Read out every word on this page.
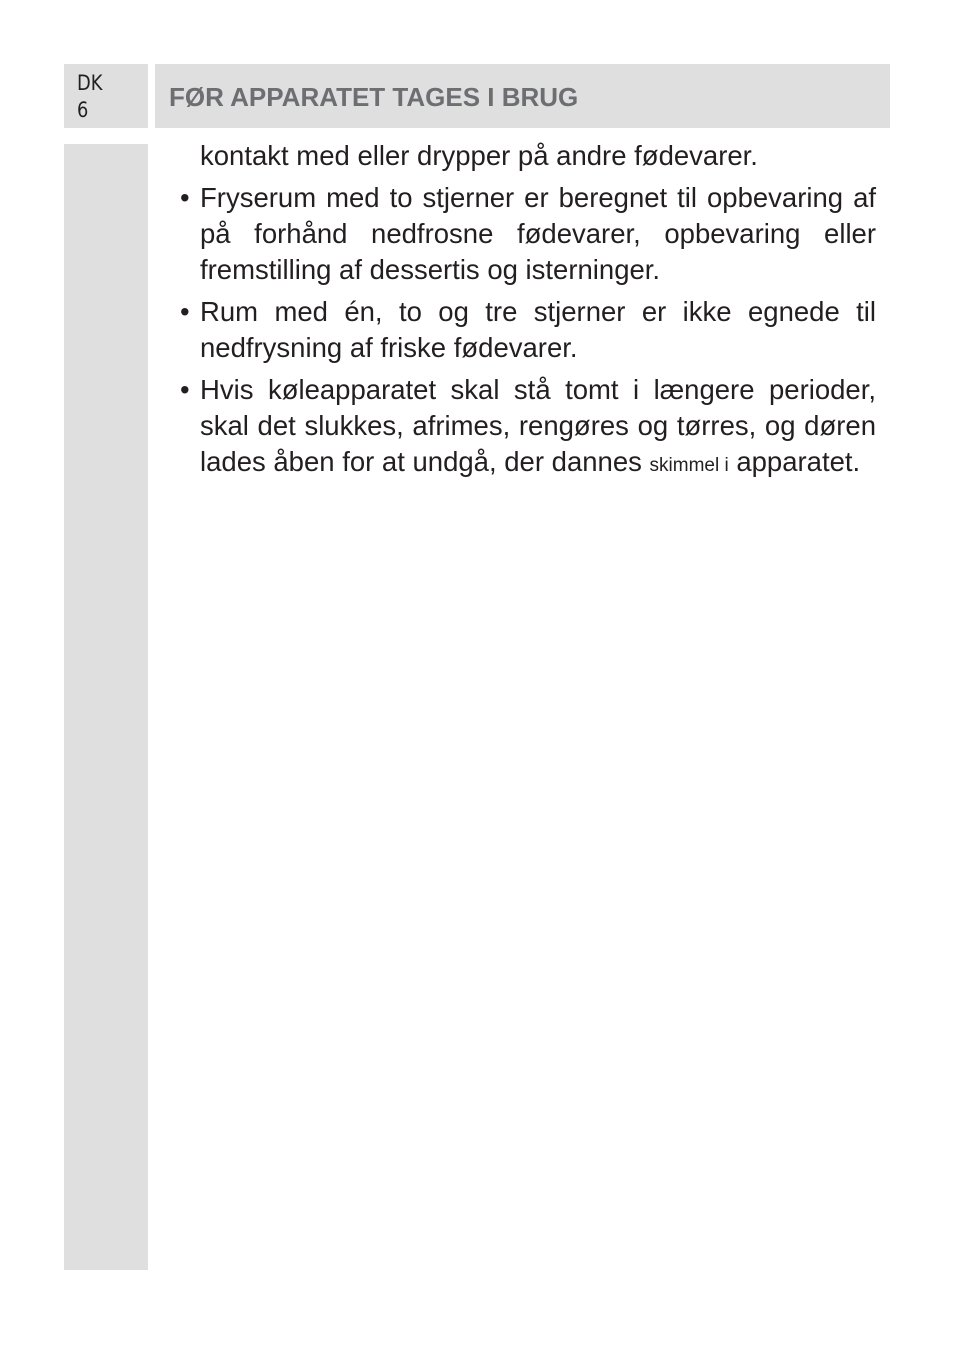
DK
6	FØR APPARATET TAGES I BRUG
kontakt med eller drypper på andre fødevarer.
• Fryserum med to stjerner er beregnet til opbevaring af på forhånd nedfrosne fødevarer, opbevaring eller fremstilling af dessertis og isterninger.
• Rum med én, to og tre stjerner er ikke egnede til nedfrysning af friske fødevarer.
• Hvis køleapparatet skal stå tomt i længere perioder, skal det slukkes, afrimes, rengøres og tørres, og døren lades åben for at undgå, der dannes skimmel i apparatet.
